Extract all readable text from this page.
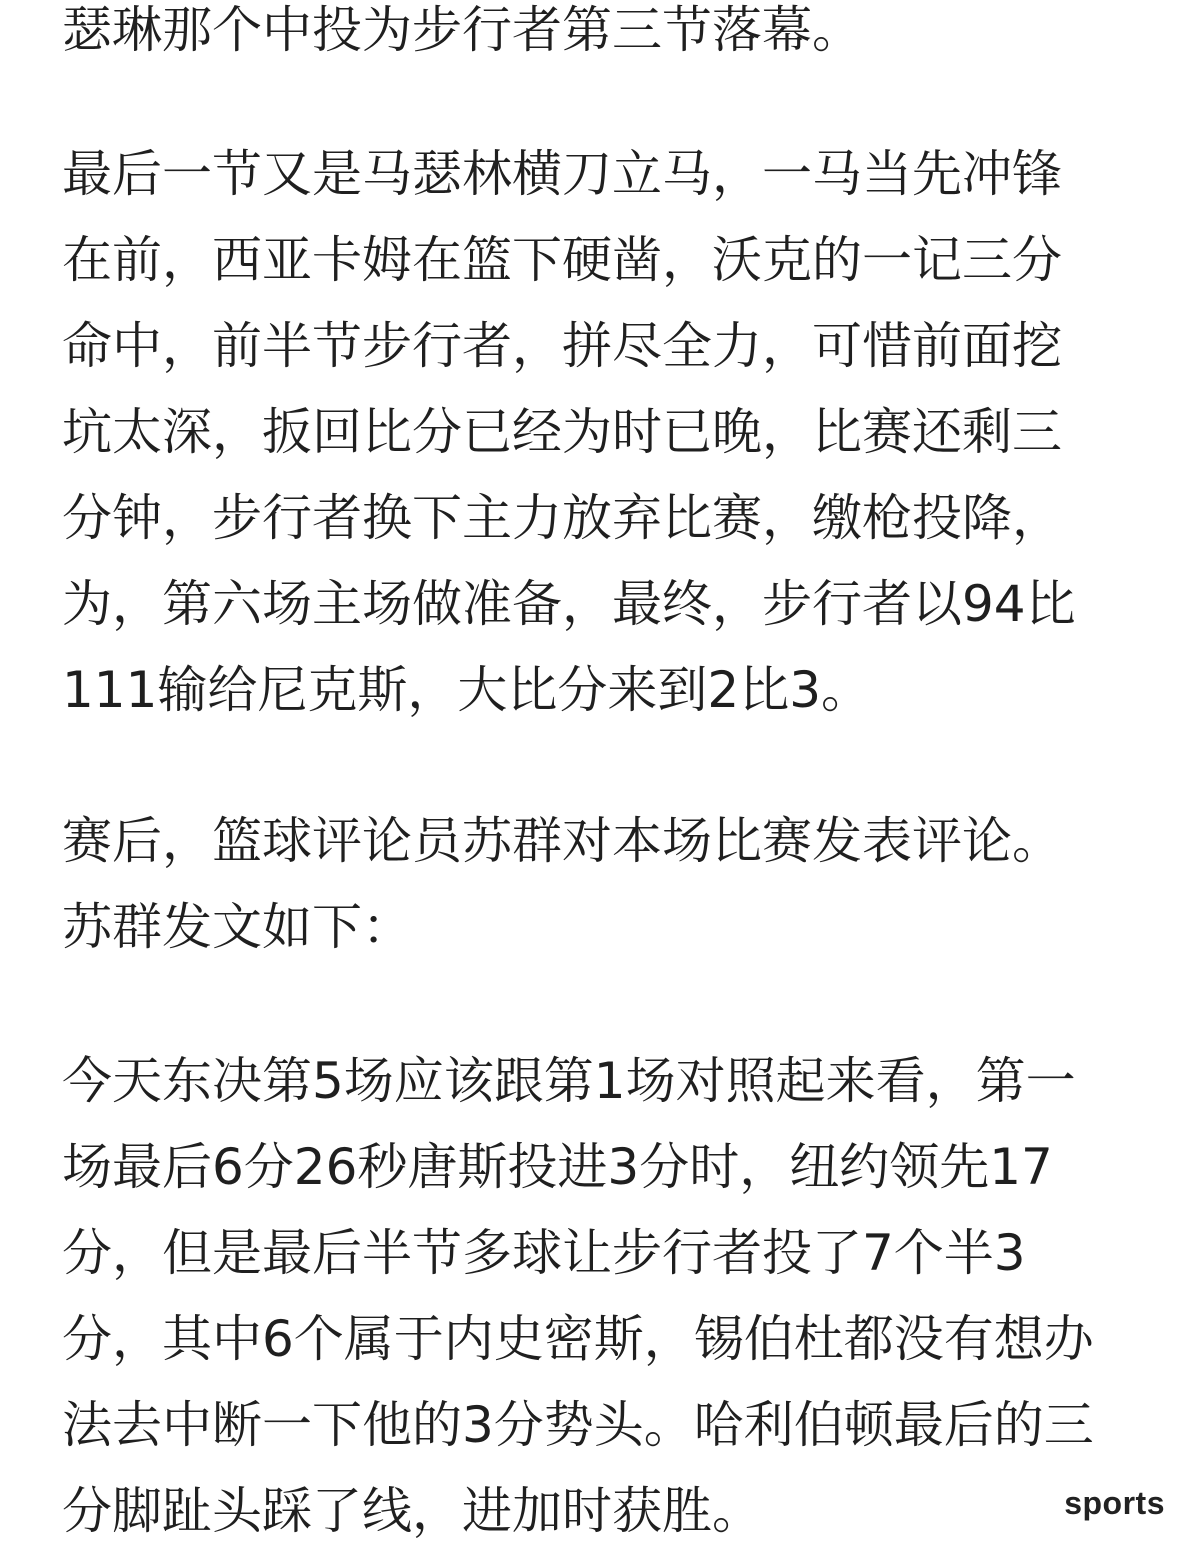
瑟琳那个中投为步行者第三节落幕。

最后一节又是马瑟林横刀立马，一马当先冲锋
在前，西亚卡姆在篮下硬凿，沃克的一记三分
命中，前半节步行者，拼尽全力，可惜前面挖
坑太深，扳回比分已经为时已晚，比赛还剩三
分钟，步行者换下主力放弃比赛，缴枪投降，
为，第六场主场做准备，最终，步行者以94比
111输给尼克斯，大比分来到2比3。

赛后，篮球评论员苏群对本场比赛发表评论。
苏群发文如下：

今天东决第5场应该跟第1场对照起来看，第一
场最后6分26秒唐斯投进3分时，纽约领先17
分，但是最后半节多球让步行者投了7个半3
分，其中6个属于内史密斯，锡伯杜都没有想办
法去中断一下他的3分势头。哈利伯顿最后的三
分脚趾头踩了线，进加时获胜。	sports
